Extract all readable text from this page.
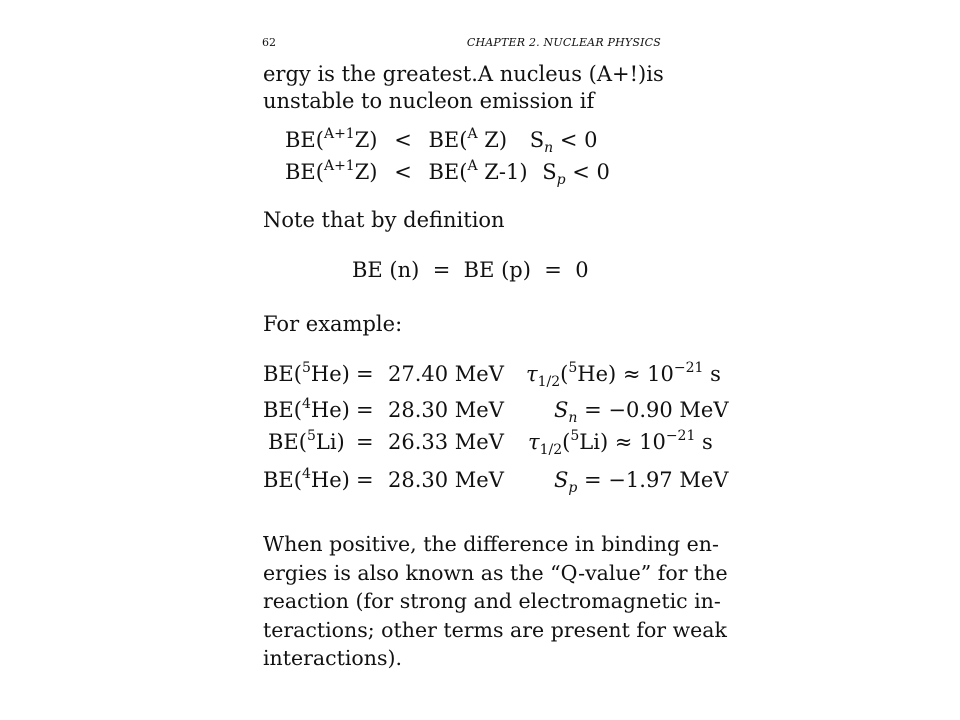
62	CHAPTER 2. NUCLEAR PHYSICS
ergy is the greatest. A nucleus (A+!) is
unstable to nucleon emission if
BE($^{A+1}$Z) < BE($^A$ Z) $S_n < 0$
BE($^{A+1}$Z) < BE($^A$ Z-1) $S_p < 0$
Note that by definition
BE (n)  =  BE (p)  =  0
For example:
BE($^5$He) = 27.40 MeV $\tau_{1/2}(^5He) \approx 10^{-21}$ s
BE($^4$He) = 28.30 MeV $S_n = -0.90$ MeV
BE($^5$Li) = 26.33 MeV $\tau_{1/2}(^5Li) \approx 10^{-21}$ s
BE($^4$He) = 28.30 MeV $S_p = -1.97$ MeV
When positive, the difference in binding en-
ergies is also known as the “Q-value” for the
reaction (for strong and electromagnetic in-
teractions; other terms are present for weak
interactions).
